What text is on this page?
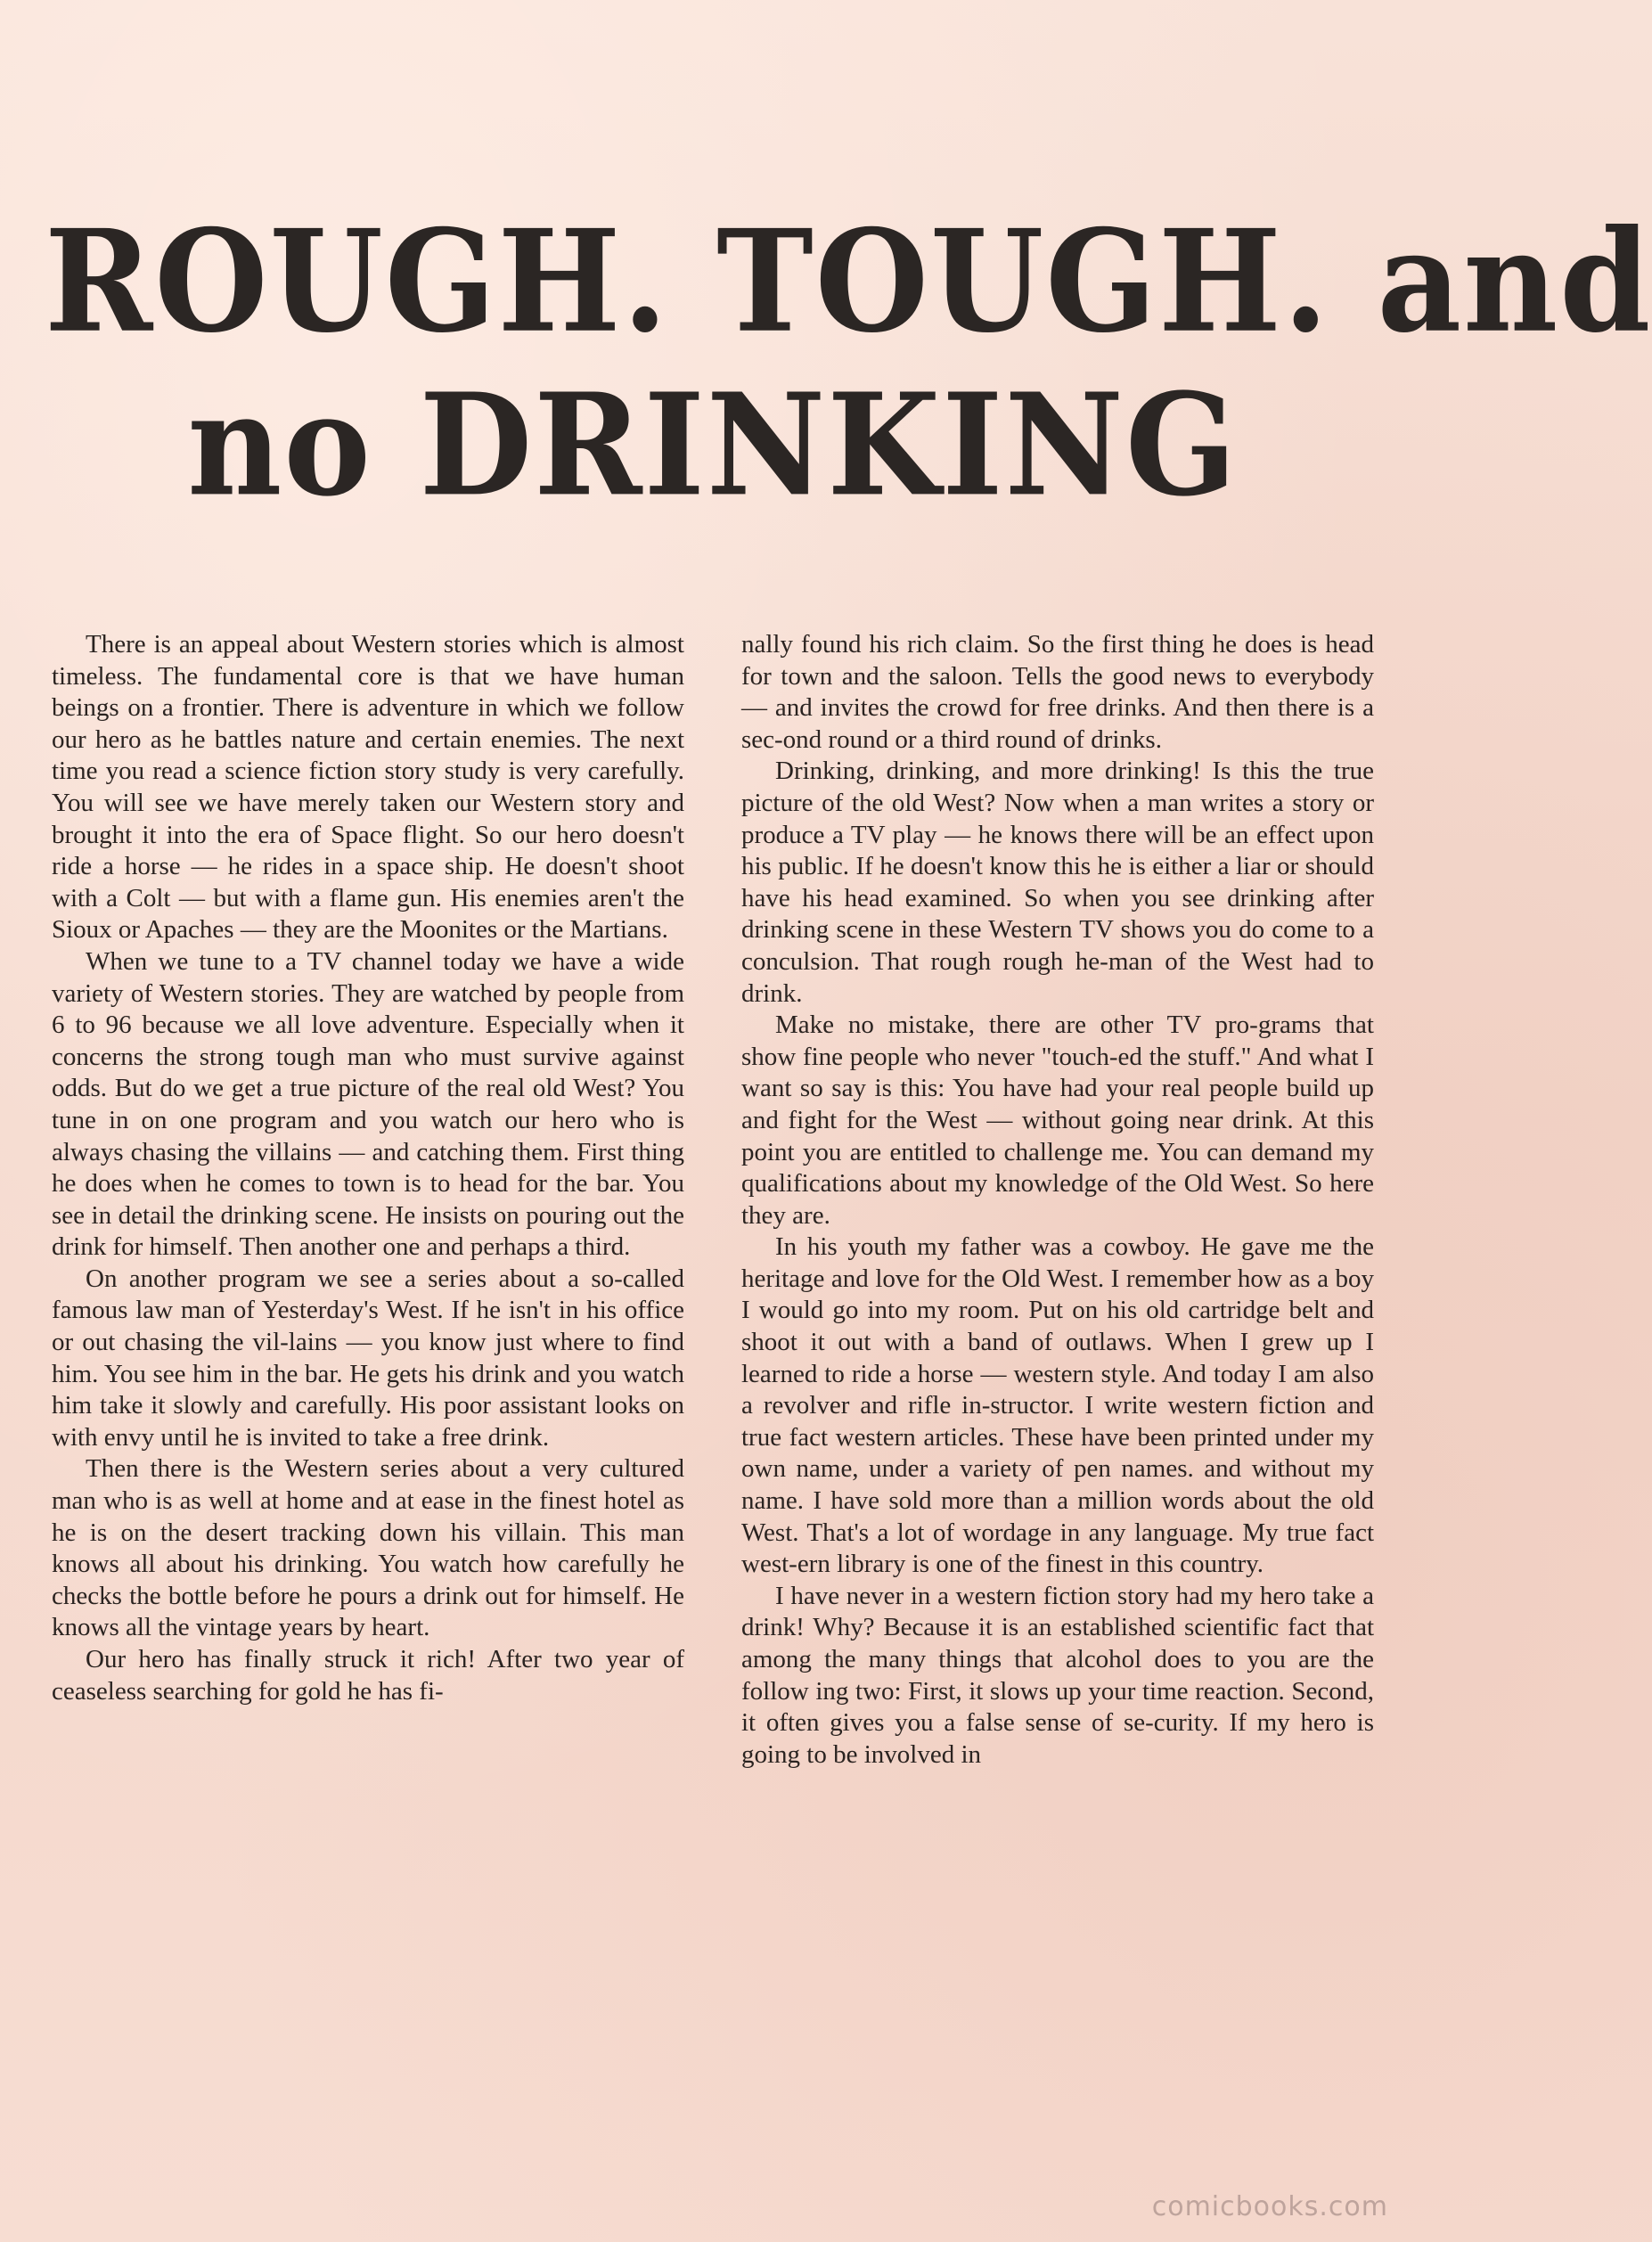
ROUGH. TOUGH. and
no DRINKING

There is an appeal about Western stories which is almost timeless. The fundamental core is that we have human beings on a frontier. There is adventure in which we follow our hero as he battles nature and certain enemies. The next time you read a science fiction story study is very carefully. You will see we have merely taken our Western story and brought it into the era of Space flight. So our hero doesn't ride a horse — he rides in a space ship. He doesn't shoot with a Colt — but with a flame gun. His enemies aren't the Sioux or Apaches — they are the Moonites or the Martians.

When we tune to a TV channel today we have a wide variety of Western stories. They are watched by people from 6 to 96 because we all love adventure. Especially when it concerns the strong tough man who must survive against odds. But do we get a true picture of the real old West? You tune in on one program and you watch our hero who is always chasing the villains — and catching them. First thing he does when he comes to town is to head for the bar. You see in detail the drinking scene. He insists on pouring out the drink for himself. Then another one and perhaps a third.

On another program we see a series about a so-called famous law man of Yesterday's West. If he isn't in his office or out chasing the vil-lains — you know just where to find him. You see him in the bar. He gets his drink and you watch him take it slowly and carefully. His poor assistant looks on with envy until he is invited to take a free drink.

Then there is the Western series about a very cultured man who is as well at home and at ease in the finest hotel as he is on the desert tracking down his villain. This man knows all about his drinking. You watch how carefully he checks the bottle before he pours a drink out for himself. He knows all the vintage years by heart.

Our hero has finally struck it rich! After two year of ceaseless searching for gold he has fi-

nally found his rich claim. So the first thing he does is head for town and the saloon. Tells the good news to everybody — and invites the crowd for free drinks. And then there is a sec-ond round or a third round of drinks.

Drinking, drinking, and more drinking! Is this the true picture of the old West? Now when a man writes a story or produce a TV play — he knows there will be an effect upon his public. If he doesn't know this he is either a liar or should have his head examined. So when you see drinking after drinking scene in these Western TV shows you do come to a conculsion. That rough rough he-man of the West had to drink.

Make no mistake, there are other TV pro-grams that show fine people who never "touch-ed the stuff." And what I want so say is this: You have had your real people build up and fight for the West — without going near drink. At this point you are entitled to challenge me. You can demand my qualifications about my knowledge of the Old West. So here they are.

In his youth my father was a cowboy. He gave me the heritage and love for the Old West. I remember how as a boy I would go into my room. Put on his old cartridge belt and shoot it out with a band of outlaws. When I grew up I learned to ride a horse — western style. And today I am also a revolver and rifle in-structor. I write western fiction and true fact western articles. These have been printed under my own name, under a variety of pen names. and without my name. I have sold more than a million words about the old West. That's a lot of wordage in any language. My true fact west-ern library is one of the finest in this country.

I have never in a western fiction story had my hero take a drink! Why? Because it is an established scientific fact that among the many things that alcohol does to you are the follow ing two: First, it slows up your time reaction. Second, it often gives you a false sense of se-curity. If my hero is going to be involved in

comicbooks.com
